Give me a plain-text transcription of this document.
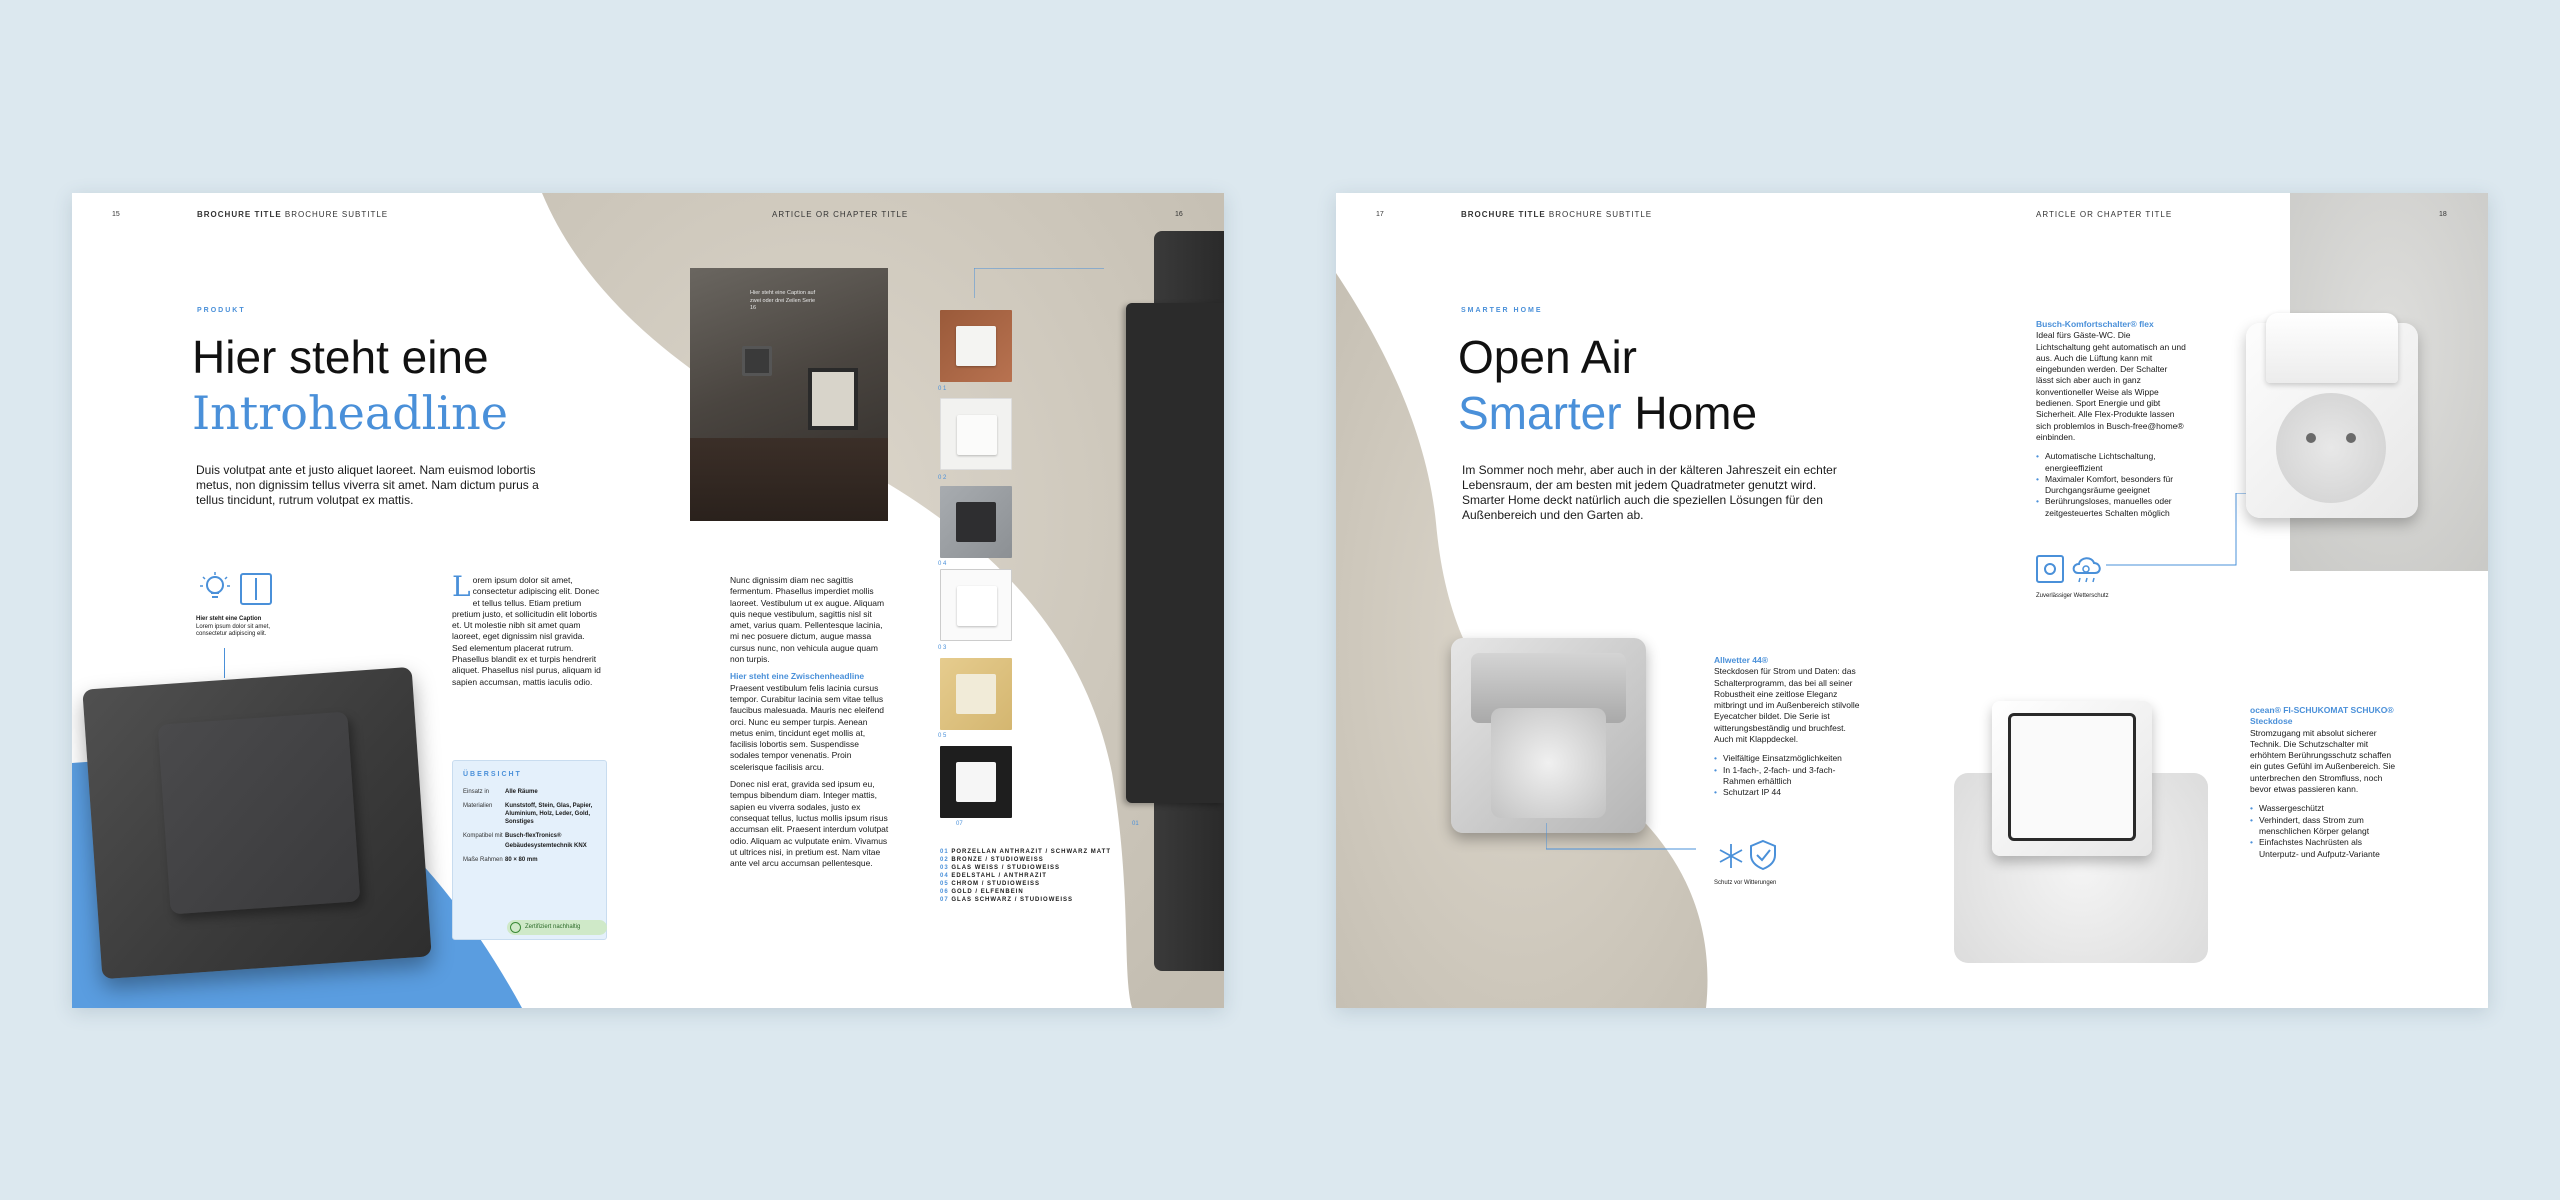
15	BROCHURE TITLE BROCHURE SUBTITLE	ARTICLE OR CHAPTER TITLE	16
PRODUKT
Hier steht eine
Introheadline

Duis volutpat ante et justo aliquet laoreet. Nam euismod lobortis metus, non dignissim tellus viverra sit amet. Nam dictum purus a tellus tincidunt, rutrum volutpat ex mattis.

Hier steht eine Caption auf zwei oder drei Zeilen Serie 16
0 1
0 2
0 4
0 3
0 5
07	01
01 PORZELLAN ANTHRAZIT / SCHWARZ MATT
02 BRONZE / STUDIOWEISS
03 GLAS WEISS / STUDIOWEISS
04 EDELSTAHL / ANTHRAZIT
05 CHROM / STUDIOWEISS
06 GOLD / ELFENBEIN
07 GLAS SCHWARZ / STUDIOWEISS
Hier steht eine Caption
Lorem ipsum dolor sit amet, consectetur adipiscing elit.
L orem ipsum dolor sit amet, consectetur adipiscing elit. Donec et tellus tellus. Etiam pretium pretium justo, et sollicitudin elit lobortis et. Ut molestie nibh sit amet quam laoreet, eget dignissim nisl gravida. Sed elementum placerat rutrum. Phasellus blandit ex et turpis hendrerit aliquet. Phasellus nisl purus, aliquam id sapien accumsan, mattis iaculis odio.
ÜBERSICHT
Einsatz in	Alle Räume
Materialien	Kunststoff, Stein, Glas, Papier, Aluminium, Holz, Leder, Gold, Sonstiges
Kompatibel mit Busch-flexTronics®
Gebäudesystemtechnik KNX
Maße Rahmen 80 × 80 mm
Zertifiziert nachhaltig

Nunc dignissim diam nec sagittis fermentum. Phasellus imperdiet mollis laoreet. Vestibulum ut ex augue. Aliquam quis neque vestibulum, sagittis nisl sit amet, varius quam. Pellentesque lacinia, mi nec posuere dictum, augue massa cursus nunc, non vehicula augue quam non turpis.

Hier steht eine Zwischenheadline

Praesent vestibulum felis lacinia cursus tempor. Curabitur lacinia sem vitae tellus faucibus malesuada. Mauris nec eleifend orci. Nunc eu semper turpis. Aenean metus enim, tincidunt eget mollis at, facilisis lobortis sem. Suspendisse sodales tempor venenatis. Proin scelerisque facilisis arcu.

Donec nisl erat, gravida sed ipsum eu, tempus bibendum diam. Integer mattis, sapien eu viverra sodales, justo ex consequat tellus, luctus mollis ipsum risus accumsan elit. Praesent interdum volutpat odio. Aliquam ac vulputate enim. Vivamus ut ultrices nisi, in pretium est. Nam vitae ante vel arcu accumsan pellentesque.

17	BROCHURE TITLE BROCHURE SUBTITLE	ARTICLE OR CHAPTER TITLE	18
SMARTER HOME
Open Air
Smarter Home

Im Sommer noch mehr, aber auch in der kälteren Jahreszeit ein echter Lebensraum, der am besten mit jedem Quadratmeter genutzt wird. Smarter Home deckt natürlich auch die speziellen Lösungen für den Außenbereich und den Garten ab.

Busch-Komfortschalter® flex

Ideal fürs Gäste-WC. Die Lichtschaltung geht automatisch an und aus. Auch die Lüftung kann mit eingebunden werden. Der Schalter lässt sich aber auch in ganz konventioneller Weise als Wippe bedienen. Sport Energie und gibt Sicherheit. Alle Flex-Produkte lassen sich problemlos in Busch-free@home® einbinden.

• Automatische Lichtschaltung, energieeffizient
• Maximaler Komfort, besonders für Durchgangsräume geeignet
• Berührungsloses, manuelles oder zeitgesteuertes Schalten möglich
Zuverlässiger Wetterschutz
Schutz vor Witterungen

Allwetter 44®

Steckdosen für Strom und Daten: das Schalterprogramm, das bei all seiner Robustheit eine zeitlose Eleganz mitbringt und im Außenbereich stilvolle Eyecatcher bildet. Die Serie ist witterungsbeständig und bruchfest. Auch mit Klappdeckel.

• Vielfältige Einsatzmöglichkeiten
• In 1-fach-, 2-fach- und 3-fach-Rahmen erhältlich
• Schutzart IP 44

ocean® FI-SCHUKOMAT SCHUKO® Steckdose

Stromzugang mit absolut sicherer Technik. Die Schutzschalter mit erhöhtem Berührungsschutz schaffen ein gutes Gefühl im Außenbereich. Sie unterbrechen den Stromfluss, noch bevor etwas passieren kann.

• Wassergeschützt
• Verhindert, dass Strom zum menschlichen Körper gelangt
• Einfachstes Nachrüsten als Unterputz- und Aufputz-Variante
